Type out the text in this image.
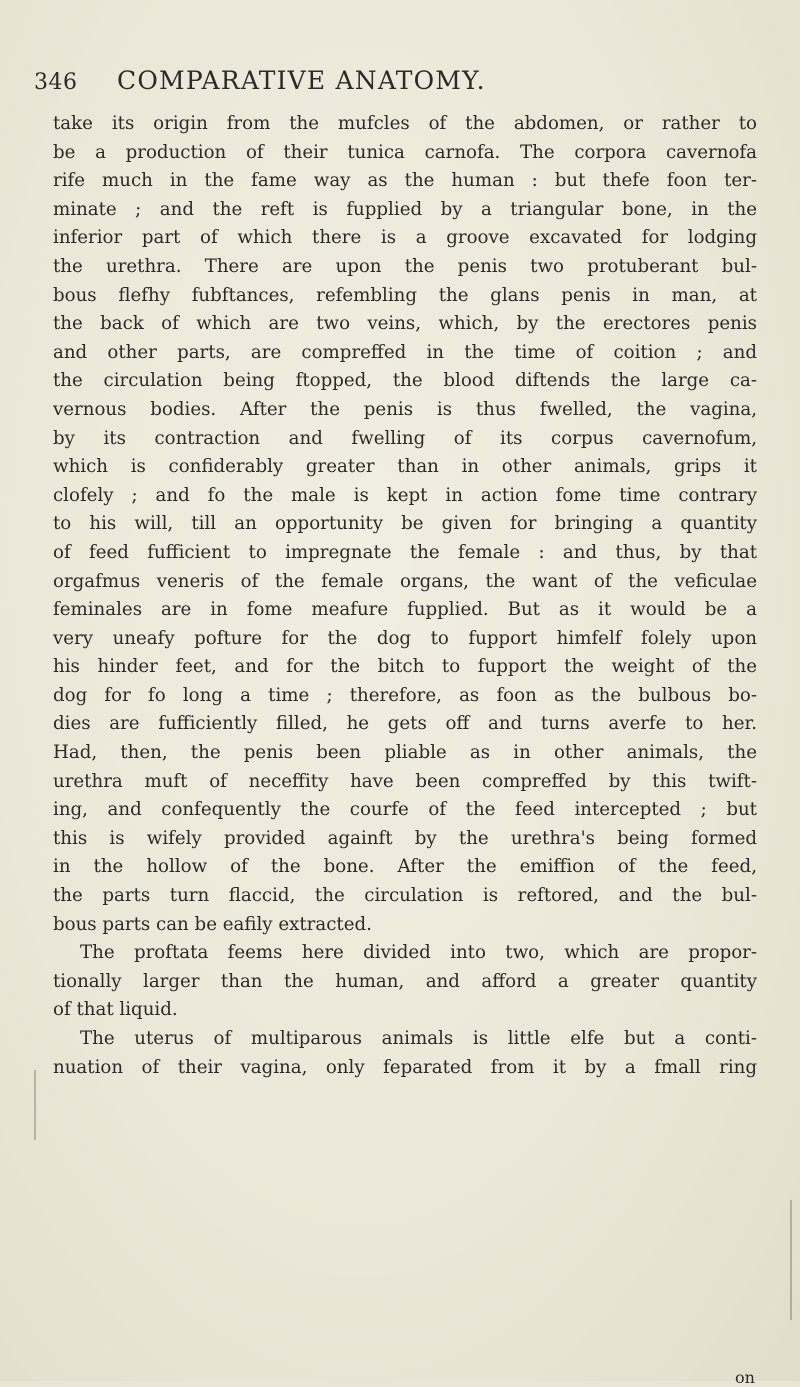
346 COMPARATIVE ANATOMY.
take its origin from the mufcles of the abdomen, or rather to
be a production of their tunica carnofa. The corpora cavernofa
rife much in the fame way as the human : but thefe foon ter-
minate ; and the reft is fupplied by a triangular bone, in the
inferior part of which there is a groove excavated for lodging
the urethra. There are upon the penis two protuberant bul-
bous flefhy fubftances, refembling the glans penis in man, at
the back of which are two veins, which, by the erectores penis
and other parts, are compreffed in the time of coition ; and
the circulation being ftopped, the blood diftends the large ca-
vernous bodies. After the penis is thus fwelled, the vagina,
by its contraction and fwelling of its corpus cavernofum,
which is confiderably greater than in other animals, grips it
clofely ; and fo the male is kept in action fome time contrary
to his will, till an opportunity be given for bringing a quantity
of feed fufficient to impregnate the female : and thus, by that
orgafmus veneris of the female organs, the want of the veficulae
feminales are in fome meafure fupplied. But as it would be a
very uneafy pofture for the dog to fupport himfelf folely upon
his hinder feet, and for the bitch to fupport the weight of the
dog for fo long a time ; therefore, as foon as the bulbous bo-
dies are fufficiently filled, he gets off and turns averfe to her.
Had, then, the penis been pliable as in other animals, the
urethra muft of neceffity have been compreffed by this twift-
ing, and confequently the courfe of the feed intercepted ; but
this is wifely provided againft by the urethra's being formed
in the hollow of the bone. After the emiffion of the feed,
the parts turn flaccid, the circulation is reftored, and the bul-
bous parts can be eafily extracted.
The proftata feems here divided into two, which are propor-
tionally larger than the human, and afford a greater quantity
of that liquid.
The uterus of multiparous animals is little elfe but a conti-
nuation of their vagina, only feparated from it by a fmall ring
on
